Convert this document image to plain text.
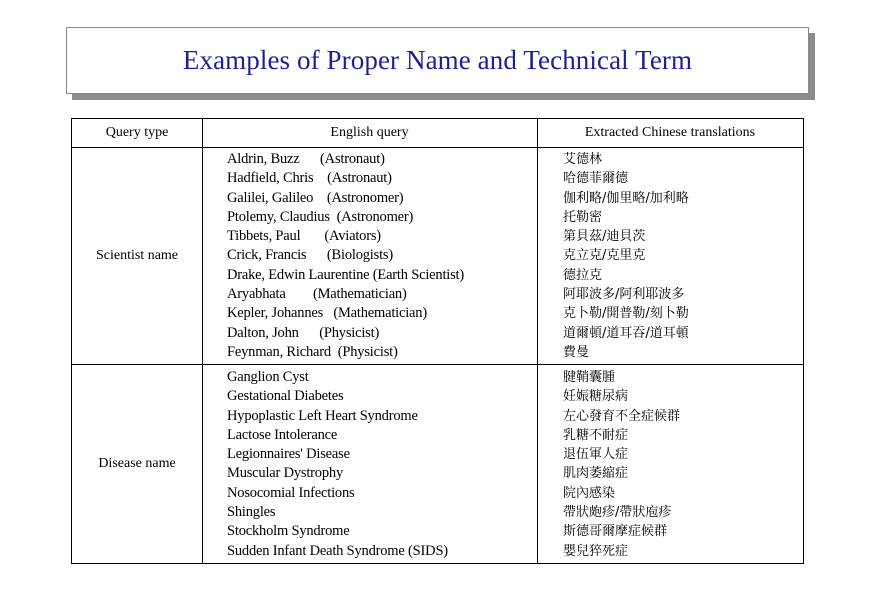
Examples of Proper Name and Technical Term
Query type	English query	Extracted Chinese translations
Scientist name
Aldrin, Buzz      (Astronaut)
Hadfield, Chris    (Astronaut)
Galilei, Galileo    (Astronomer)
Ptolemy, Claudius  (Astronomer)
Tibbets, Paul       (Aviators)
Crick, Francis      (Biologists)
Drake, Edwin Laurentine (Earth Scientist)
Aryabhata        (Mathematician)
Kepler, Johannes   (Mathematician)
Dalton, John      (Physicist)
Feynman, Richard  (Physicist)
艾德林
哈德菲爾德
伽利略/伽里略/加利略
托勒密
第貝茲/迪貝茨
克立克/克里克
德拉克
阿耶波多/阿利耶波多
克卜勒/開普勒/刻卜勒
道爾頓/道耳吞/道耳頓
費曼
Disease name
Ganglion Cyst
Gestational Diabetes
Hypoplastic Left Heart Syndrome
Lactose Intolerance
Legionnaires' Disease
Muscular Dystrophy
Nosocomial Infections
Shingles
Stockholm Syndrome
Sudden Infant Death Syndrome (SIDS)
腱鞘囊腫
妊娠糖尿病
左心發育不全症候群
乳糖不耐症
退伍軍人症
肌肉萎縮症
院內感染
帶狀皰疹/帶狀庖疹
斯德哥爾摩症候群
嬰兒猝死症
